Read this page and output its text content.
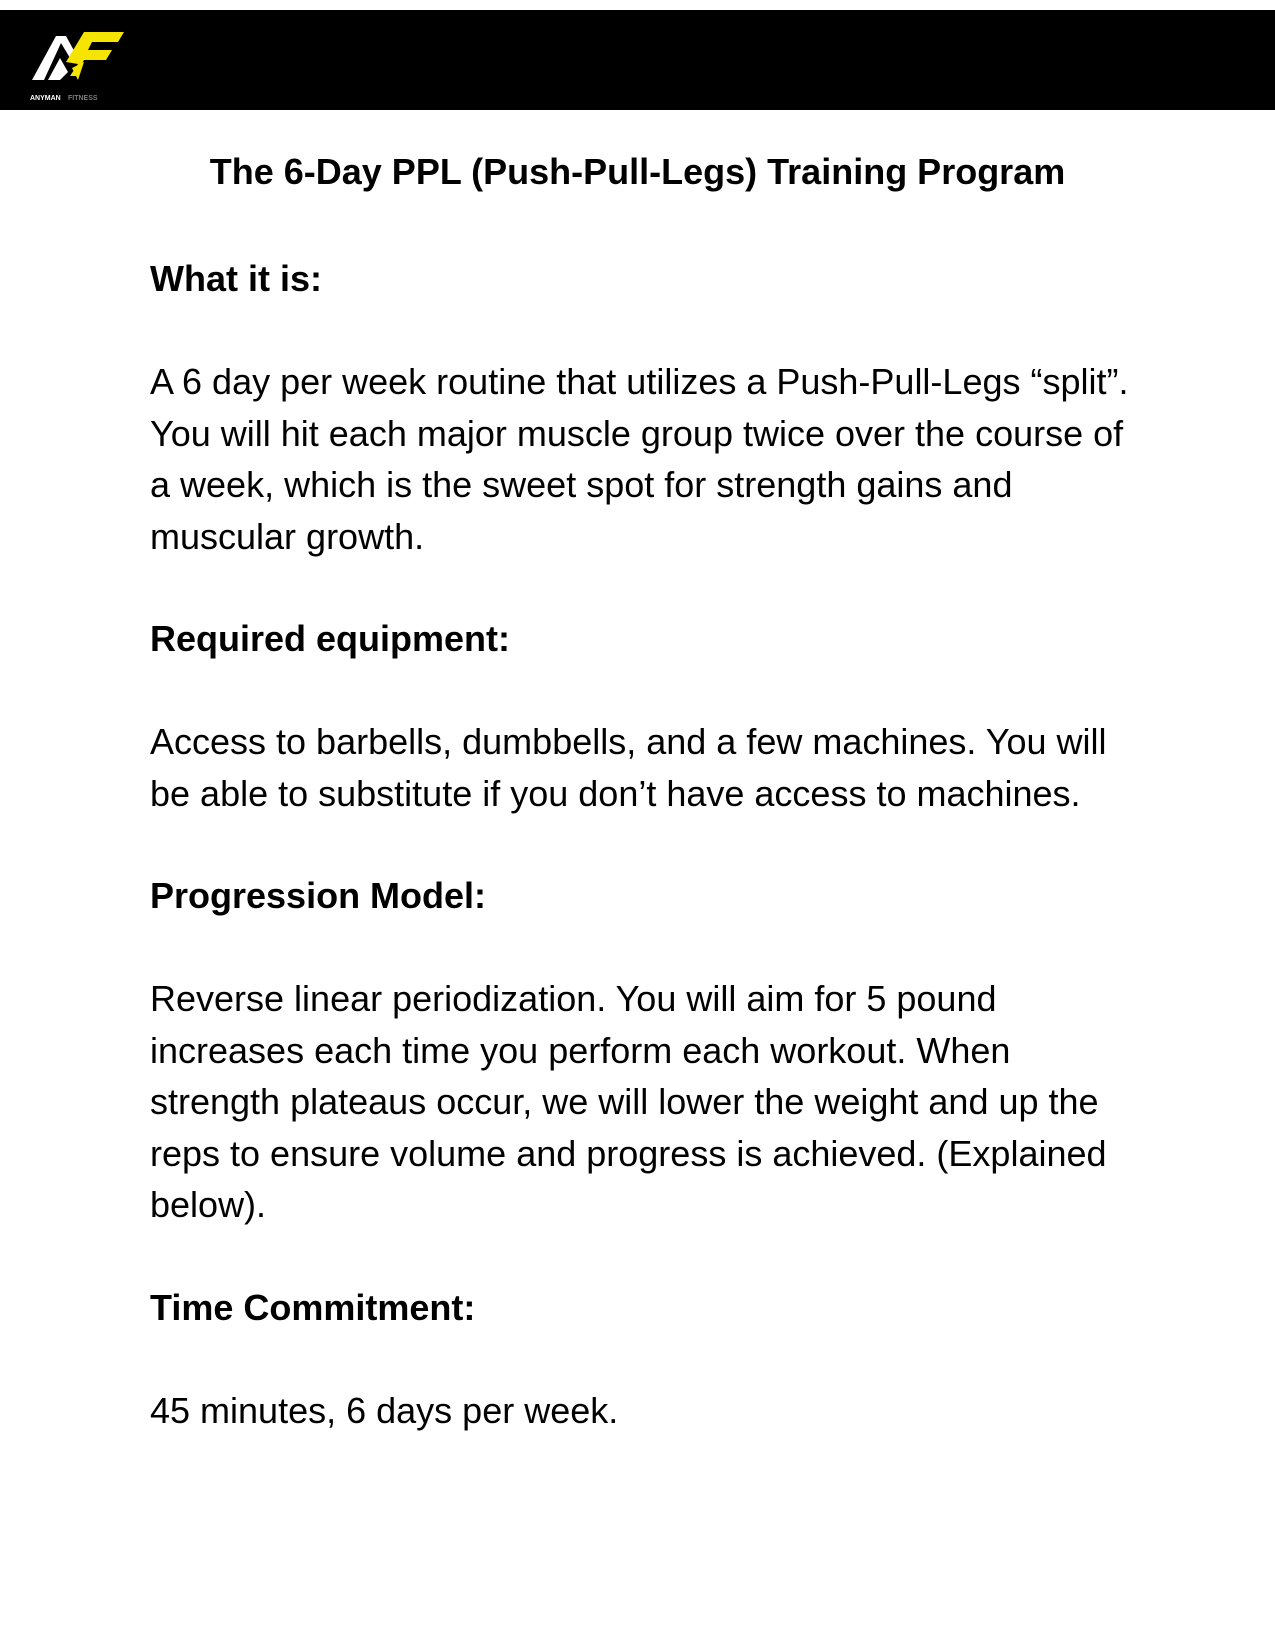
ANYMAN FITNESS
The 6-Day PPL (Push-Pull-Legs) Training Program
What it is:

A 6 day per week routine that utilizes a Push-Pull-Legs “split”. You will hit each major muscle group twice over the course of a week, which is the sweet spot for strength gains and muscular growth.

Required equipment:

Access to barbells, dumbbells, and a few machines. You will be able to substitute if you don’t have access to machines.

Progression Model:

Reverse linear periodization. You will aim for 5 pound increases each time you perform each workout. When strength plateaus occur, we will lower the weight and up the reps to ensure volume and progress is achieved. (Explained below).

Time Commitment:

45 minutes, 6 days per week.
